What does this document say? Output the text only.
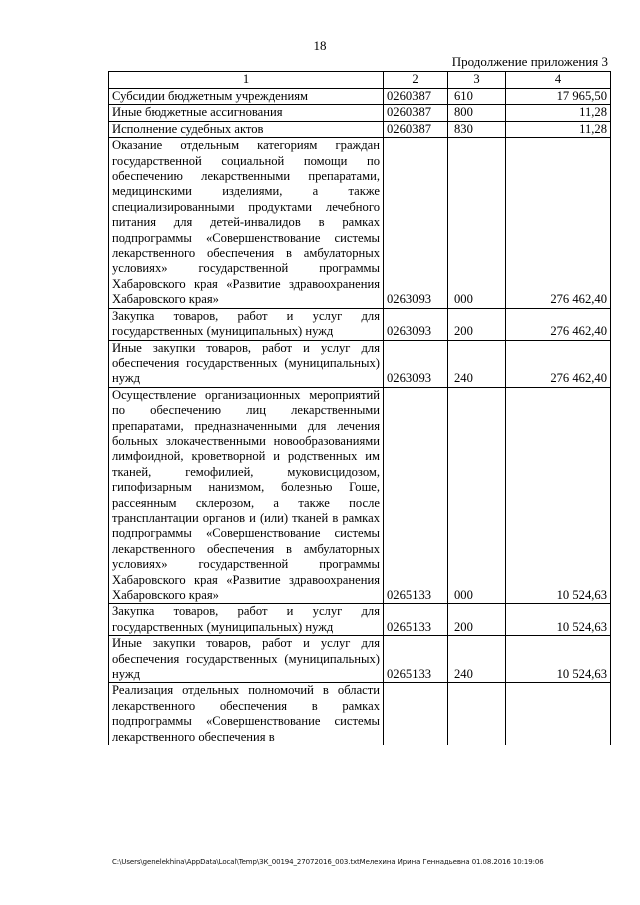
18
Продолжение приложения 3
1	2	3	4
Субсидии бюджетным учреждениям	0260387	610	17 965,50
Иные бюджетные ассигнования	0260387	800	11,28
Исполнение судебных актов	0260387	830	11,28
Оказание отдельным категориям граждан государственной социальной помощи по обеспечению лекарственными препаратами, медицинскими изделиями, а также специализированными продуктами лечебного питания для детей-инвалидов в рамках подпрограммы «Совершенствование системы лекарственного обеспечения в амбулаторных условиях» государственной программы Хабаровского края «Развитие здравоохранения Хабаровского края»	0263093	000	276 462,40
Закупка товаров, работ и услуг для государственных (муниципальных) нужд	0263093	200	276 462,40
Иные закупки товаров, работ и услуг для обеспечения государственных (муниципальных) нужд	0263093	240	276 462,40
Осуществление организационных мероприятий по обеспечению лиц лекарственными препаратами, предназначенными для лечения больных злокачественными новообразованиями лимфоидной, кроветворной и родственных им тканей, гемофилией, муковисцидозом, гипофизарным нанизмом, болезнью Гоше, рассеянным склерозом, а также после трансплантации органов и (или) тканей в рамках подпрограммы «Совершенствование системы лекарственного обеспечения в амбулаторных условиях» государственной программы Хабаровского края «Развитие здравоохранения Хабаровского края»	0265133	000	10 524,63
Закупка товаров, работ и услуг для государственных (муниципальных) нужд	0265133	200	10 524,63
Иные закупки товаров, работ и услуг для обеспечения государственных (муниципальных) нужд	0265133	240	10 524,63
Реализация отдельных полномочий в области лекарственного обеспечения в рамках подпрограммы «Совершенствование системы лекарственного обеспечения в			
C:\Users\genelekhina\AppData\Local\Temp\ЗК_00194_27072016_003.txtМелехина Ирина Геннадьевна 01.08.2016 10:19:06
